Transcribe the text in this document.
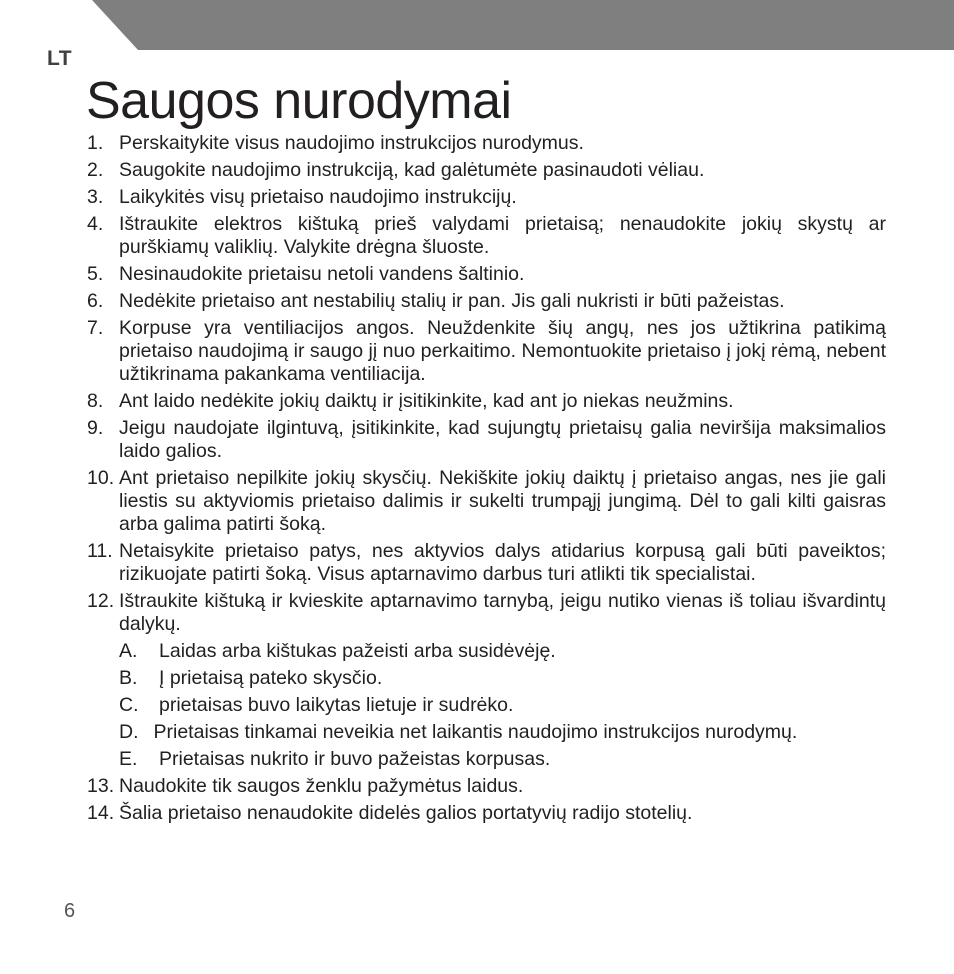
LT
Saugos nurodymai
1. Perskaitykite visus naudojimo instrukcijos nurodymus.
2. Saugokite naudojimo instrukciją, kad galėtumėte pasinaudoti vėliau.
3. Laikykitės visų prietaiso naudojimo instrukcijų.
4. Ištraukite elektros kištuką prieš valydami prietaisą; nenaudokite jokių skystų ar purškiamų valiklių. Valykite drėgna šluoste.
5. Nesinaudokite prietaisu netoli vandens šaltinio.
6. Nedėkite prietaiso ant nestabilių stalių ir pan. Jis gali nukristi ir būti pažeistas.
7. Korpuse yra ventiliacijos angos. Neuždenkite šių angų, nes jos užtikrina patikimą prietaiso naudojimą ir saugo jį nuo perkaitimo. Nemontuokite prietaiso į jokį rėmą, nebent užtikrinama pakankama ventiliacija.
8. Ant laido nedėkite jokių daiktų ir įsitikinkite, kad ant jo niekas neužmins.
9. Jeigu naudojate ilgintuvą, įsitikinkite, kad sujungtų prietaisų galia neviršija maksimalios laido galios.
10. Ant prietaiso nepilkite jokių skysčių. Nekiškite jokių daiktų į prietaiso angas, nes jie gali liestis su aktyviomis prietaiso dalimis ir sukelti trumpąjį jungimą. Dėl to gali kilti gaisras arba galima patirti šoką.
11. Netaisykite prietaiso patys, nes aktyvios dalys atidarius korpusą gali būti paveiktos; rizikuojate patirti šoką. Visus aptarnavimo darbus turi atlikti tik specialistai.
12. Ištraukite kištuką ir kvieskite aptarnavimo tarnybą, jeigu nutiko vienas iš toliau išvardintų dalykų.
A. Laidas arba kištukas pažeisti arba susidėvėję.
B. Į prietaisą pateko skysčio.
C. prietaisas buvo laikytas lietuje ir sudrėko.
D. Prietaisas tinkamai neveikia net laikantis naudojimo instrukcijos nurodymų.
E. Prietaisas nukrito ir buvo pažeistas korpusas.
13. Naudokite tik saugos ženklu pažymėtus laidus.
14. Šalia prietaiso nenaudokite didelės galios portatyvių radijo stotelių.
6
